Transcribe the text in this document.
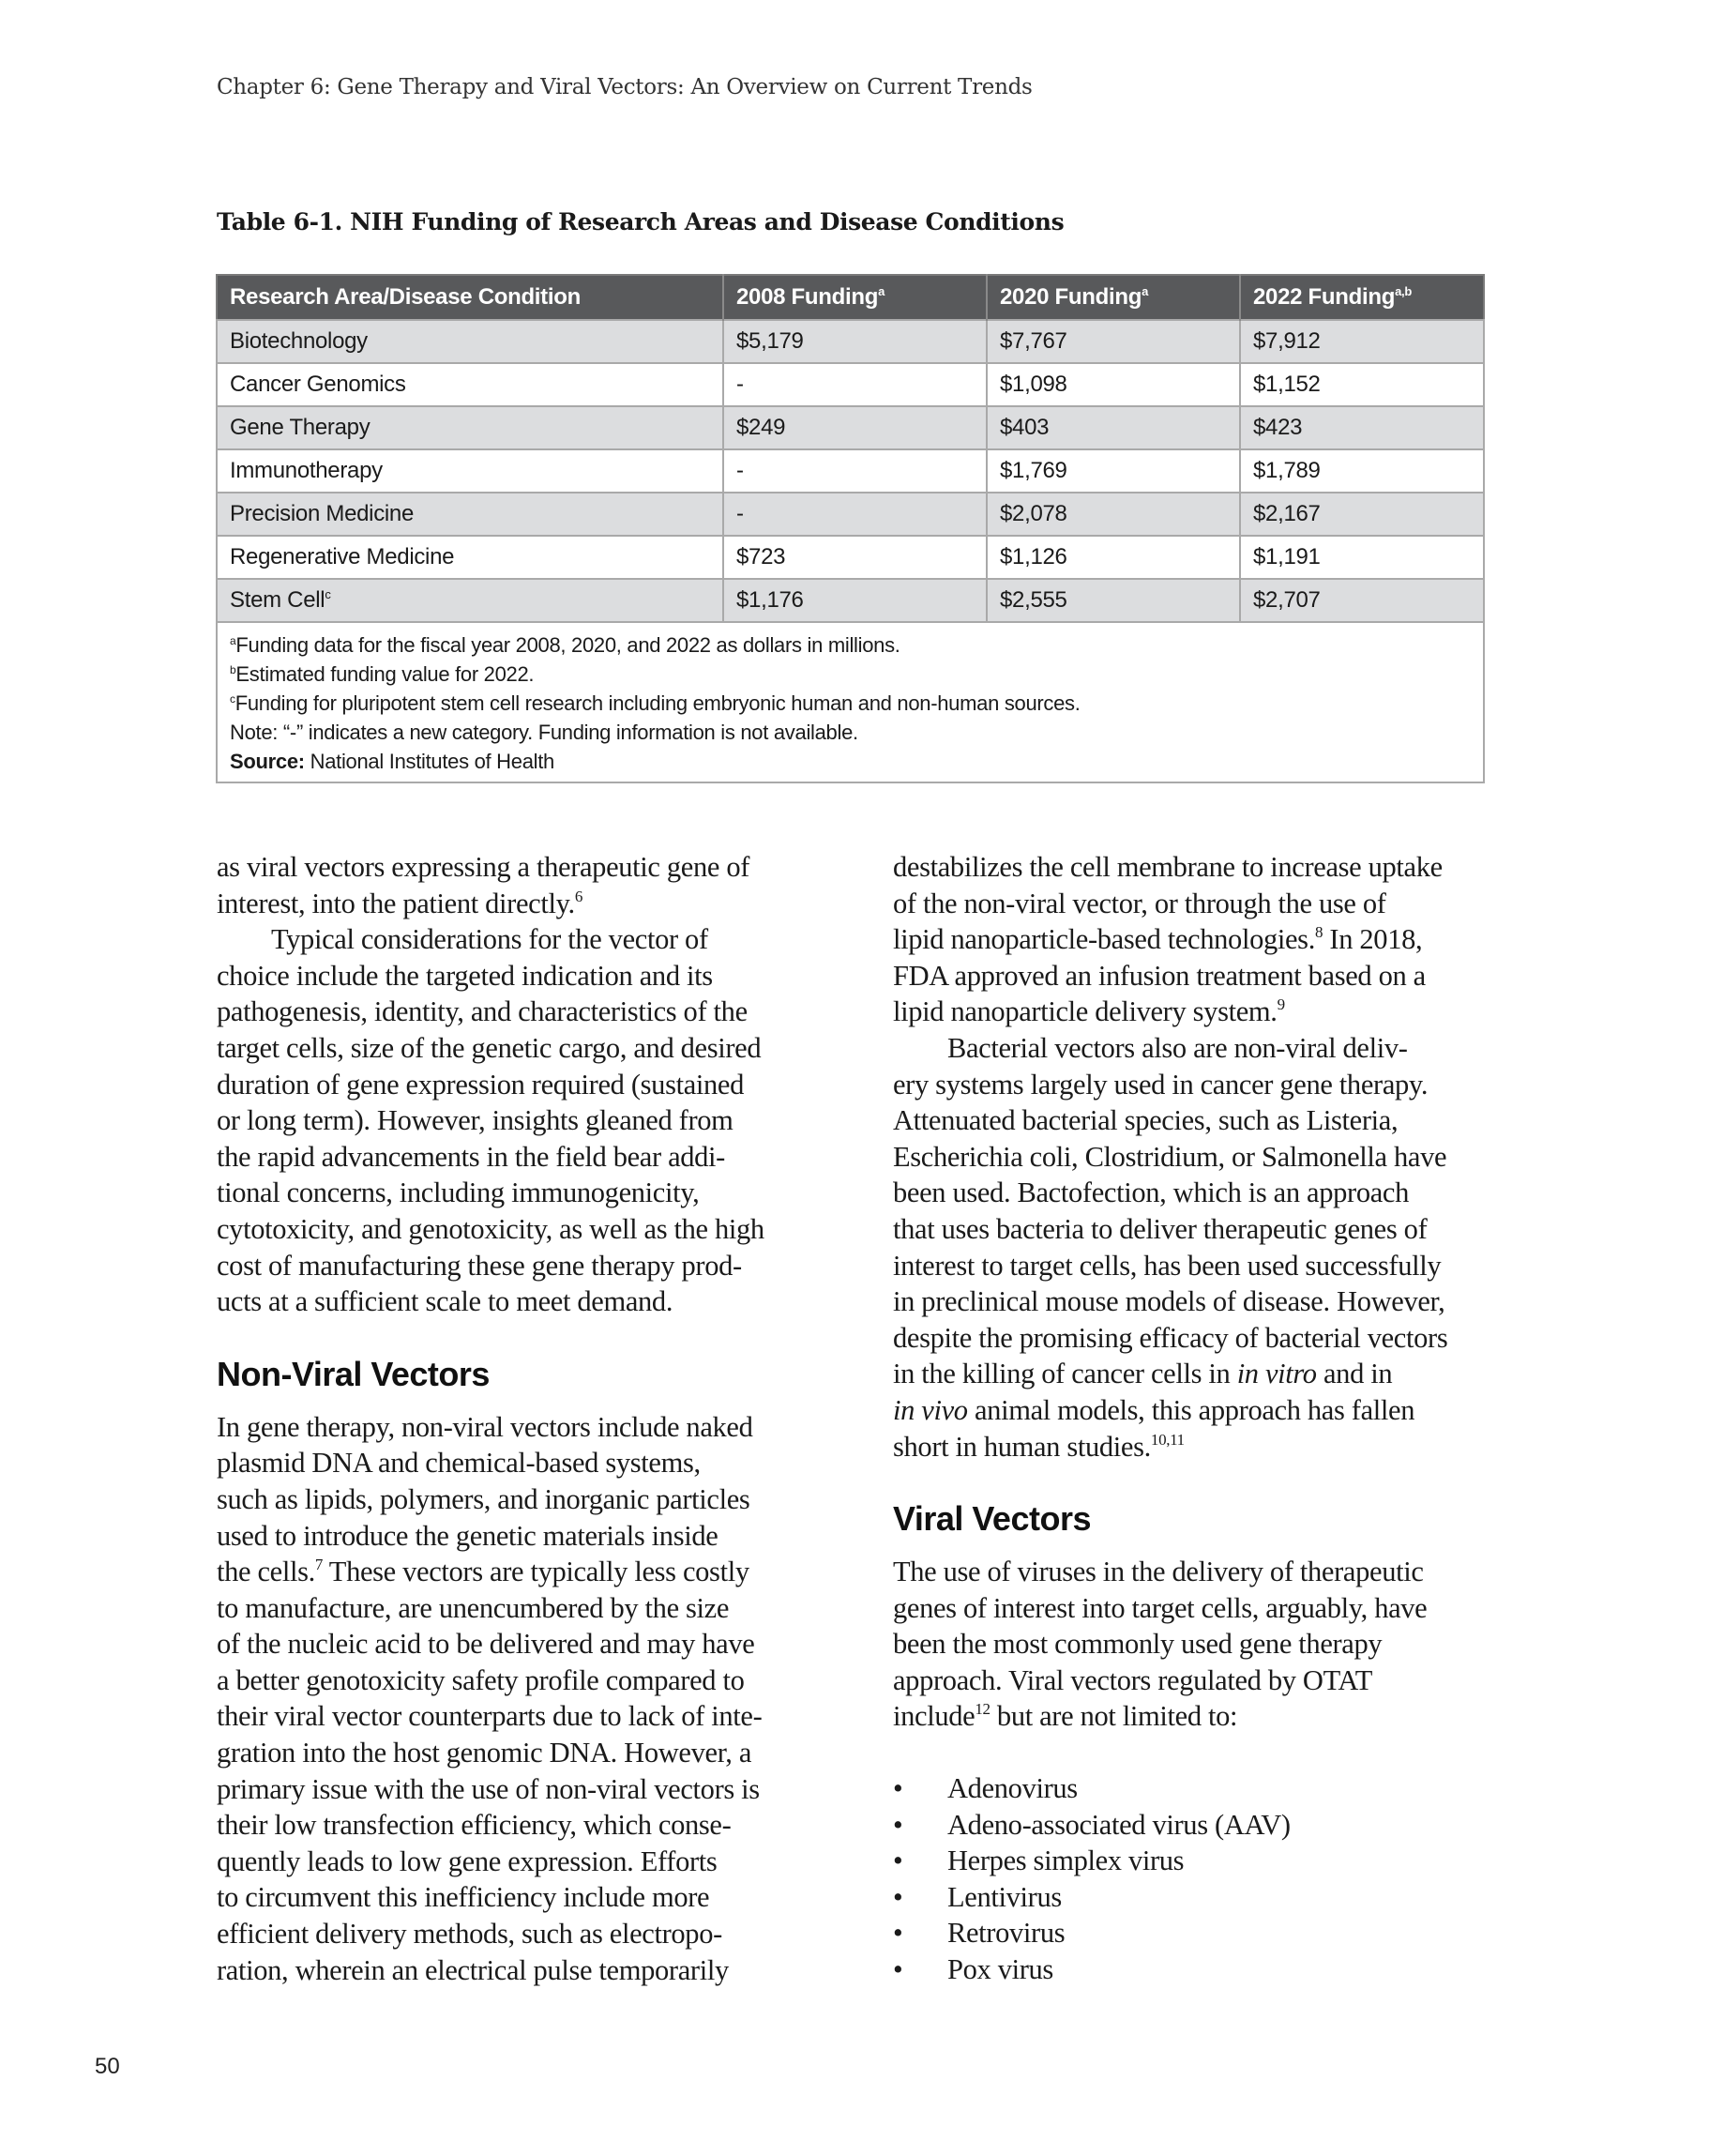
Chapter 6: Gene Therapy and Viral Vectors: An Overview on Current Trends
Table 6-1. NIH Funding of Research Areas and Disease Conditions
Research Area/Disease Condition	2008 Funding$^a$	2020 Funding$^a$	2022 Funding$^{a,b}$
Biotechnology	$5,179	$7,767	$7,912
Cancer Genomics	-	$1,098	$1,152
Gene Therapy	$249	$403	$423
Immunotherapy	-	$1,769	$1,789
Precision Medicine	-	$2,078	$2,167
Regenerative Medicine	$723	$1,126	$1,191
Stem Cell$^c$	$1,176	$2,555	$2,707

$^a$Funding data for the fiscal year 2008, 2020, and 2022 as dollars in millions.
$^b$Estimated funding value for 2022.
$^c$Funding for pluripotent stem cell research including embryonic human and non-human sources.
Note: “-” indicates a new category. Funding information is not available.
Source: National Institutes of Health			
as viral vectors expressing a therapeutic gene of
interest, into the patient directly.$^6$
Typical considerations for the vector of
choice include the targeted indication and its
pathogenesis, identity, and characteristics of the
target cells, size of the genetic cargo, and desired
duration of gene expression required (sustained
or long term). However, insights gleaned from
the rapid advancements in the field bear addi-
tional concerns, including immunogenicity,
cytotoxicity, and genotoxicity, as well as the high
cost of manufacturing these gene therapy prod-
ucts at a sufficient scale to meet demand.
Non-Viral Vectors
In gene therapy, non-viral vectors include naked
plasmid DNA and chemical-based systems,
such as lipids, polymers, and inorganic particles
used to introduce the genetic materials inside
the cells.$^7$ These vectors are typically less costly
to manufacture, are unencumbered by the size
of the nucleic acid to be delivered and may have
a better genotoxicity safety profile compared to
their viral vector counterparts due to lack of inte-
gration into the host genomic DNA. However, a
primary issue with the use of non-viral vectors is
their low transfection efficiency, which conse-
quently leads to low gene expression. Efforts
to circumvent this inefficiency include more
efficient delivery methods, such as electropo-
ration, wherein an electrical pulse temporarily
destabilizes the cell membrane to increase uptake
of the non-viral vector, or through the use of
lipid nanoparticle-based technologies.$^8$ In 2018,
FDA approved an infusion treatment based on a
lipid nanoparticle delivery system.$^9$
Bacterial vectors also are non-viral deliv-
ery systems largely used in cancer gene therapy.
Attenuated bacterial species, such as Listeria,
Escherichia coli, Clostridium, or Salmonella have
been used. Bactofection, which is an approach
that uses bacteria to deliver therapeutic genes of
interest to target cells, has been used successfully
in preclinical mouse models of disease. However,
despite the promising efficacy of bacterial vectors
in the killing of cancer cells in in vitro and in
in vivo animal models, this approach has fallen
short in human studies.$^{10,11}$
Viral Vectors
The use of viruses in the delivery of therapeutic
genes of interest into target cells, arguably, have
been the most commonly used gene therapy
approach. Viral vectors regulated by OTAT
include$^{12}$ but are not limited to:
• Adenovirus
• Adeno-associated virus (AAV)
• Herpes simplex virus
• Lentivirus
• Retrovirus
• Pox virus
50
